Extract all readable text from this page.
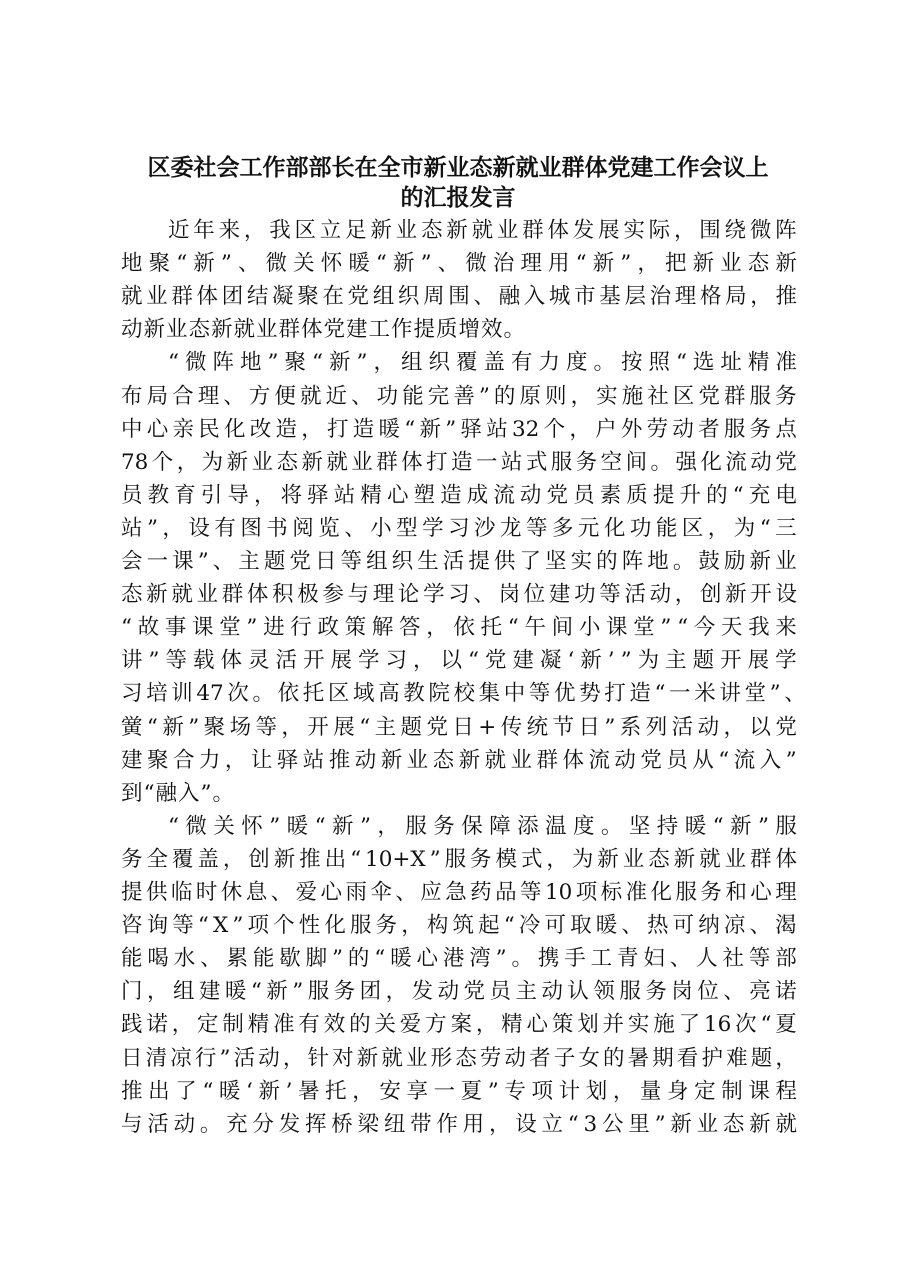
区委社会工作部部长在全市新业态新就业群体党建工作会议上
的汇报发言
近 年 来 ， 我 区 立 足 新 业 态 新 就 业 群 体 发 展 实 际 ， 围 绕 微 阵
地 聚 “ 新 ” 、 微 关 怀 暖 “ 新 ” 、 微 治 理 用 “ 新 ” ， 把 新 业 态 新
就 业 群 体 团 结 凝 聚 在 党 组 织 周 围 、 融 入 城 市 基 层 治 理 格 局 ， 推
动新业态新就业群体党建工作提质增效。
“ 微 阵 地 ” 聚 “ 新 ” ， 组 织 覆 盖 有 力 度 。 按 照 “ 选 址 精 准
布 局 合 理 、 方 便 就 近 、 功 能 完 善 ” 的 原 则 ， 实 施 社 区 党 群 服 务
中 心 亲 民 化 改 造 ， 打 造 暖 “ 新 ” 驿 站 32 个 ， 户 外 劳 动 者 服 务 点
78 个 ， 为 新 业 态 新 就 业 群 体 打 造 一 站 式 服 务 空 间 。 强 化 流 动 党
员 教 育 引 导 ， 将 驿 站 精 心 塑 造 成 流 动 党 员 素 质 提 升 的 “ 充 电
站 ” ， 设 有 图 书 阅 览 、 小 型 学 习 沙 龙 等 多 元 化 功 能 区 ， 为 “ 三
会 一 课 ” 、 主 题 党 日 等 组 织 生 活 提 供 了 坚 实 的 阵 地 。 鼓 励 新 业
态 新 就 业 群 体 积 极 参 与 理 论 学 习 、 岗 位 建 功 等 活 动 ， 创 新 开 设
“ 故 事 课 堂 ” 进 行 政 策 解 答 ， 依 托 “ 午 间 小 课 堂 ” “ 今 天 我 来
讲 ” 等 载 体 灵 活 开 展 学 习 ， 以 “ 党 建 凝 ‘ 新 ’ ” 为 主 题 开 展 学
习 培 训 47 次 。 依 托 区 域 高 教 院 校 集 中 等 优 势 打 造 “ 一 米 讲 堂 ” 、
黉 “ 新 ” 聚 场 等 ， 开 展 “ 主 题 党 日 + 传 统 节 日 ” 系 列 活 动 ， 以 党
建 聚 合 力 ， 让 驿 站 推 动 新 业 态 新 就 业 群 体 流 动 党 员 从 “ 流 入 ”
到“融入”。
“ 微 关 怀 ” 暖 “ 新 ” ， 服 务 保 障 添 温 度 。 坚 持 暖 “ 新 ” 服
务 全 覆 盖 ， 创 新 推 出 “ 10+X ” 服 务 模 式 ， 为 新 业 态 新 就 业 群 体
提 供 临 时 休 息 、 爱 心 雨 伞 、 应 急 药 品 等 10 项 标 准 化 服 务 和 心 理
咨 询 等 “ X ” 项 个 性 化 服 务 ， 构 筑 起 “ 冷 可 取 暖 、 热 可 纳 凉 、 渴
能 喝 水 、 累 能 歇 脚 ” 的 “ 暖 心 港 湾 ” 。 携 手 工 青 妇 、 人 社 等 部
门 ， 组 建 暖 “ 新 ” 服 务 团 ， 发 动 党 员 主 动 认 领 服 务 岗 位 、 亮 诺
践 诺 ， 定 制 精 准 有 效 的 关 爱 方 案 ， 精 心 策 划 并 实 施 了 16 次 “ 夏
日 清 凉 行 ” 活 动 ， 针 对 新 就 业 形 态 劳 动 者 子 女 的 暑 期 看 护 难 题 ，
推 出 了 “ 暖 ‘ 新 ’ 暑 托 ， 安 享 一 夏 ” 专 项 计 划 ， 量 身 定 制 课 程
与 活 动 。 充 分 发 挥 桥 梁 纽 带 作 用 ， 设 立 “ 3 公 里 ” 新 业 态 新 就
